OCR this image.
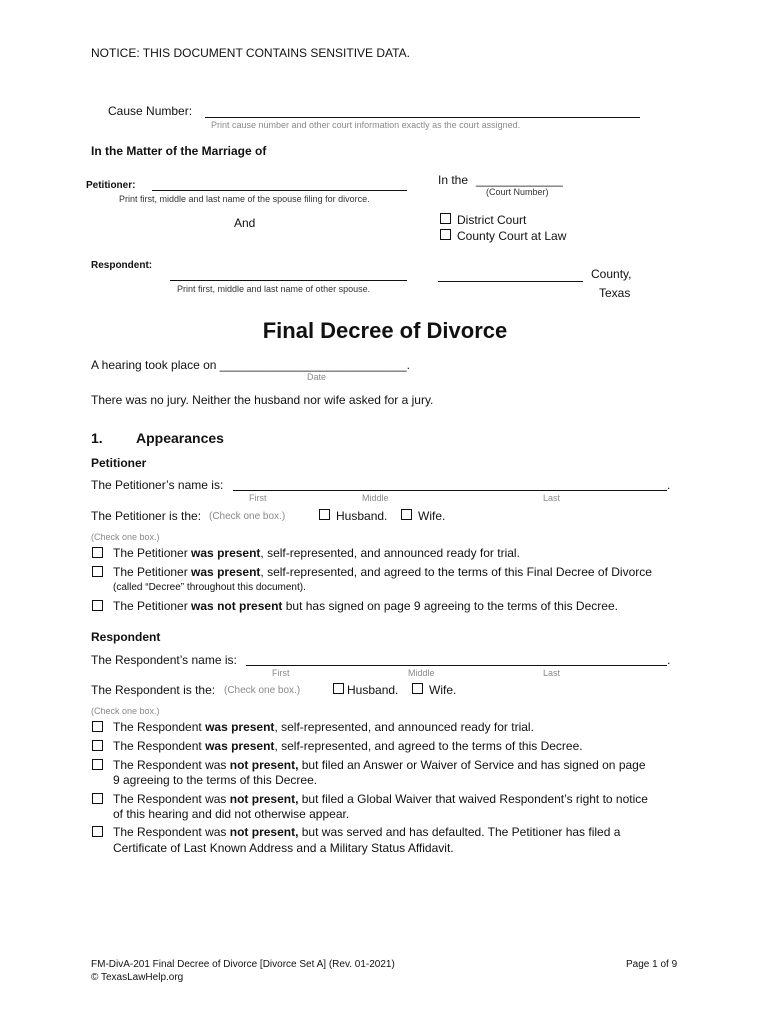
NOTICE: THIS DOCUMENT CONTAINS SENSITIVE DATA.
Cause Number:
Print cause number and other court information exactly as the court assigned.
In the Matter of the Marriage of
Petitioner:
Print first, middle and last name of the spouse filing for divorce.
And
Respondent:
Print first, middle and last name of other spouse.
In the _____________
(Court Number)
District Court
County Court at Law
County,
Texas
Final Decree of Divorce
A hearing took place on ____________________________.
Date
There was no jury. Neither the husband nor wife asked for a jury.
1. Appearances
Petitioner
The Petitioner’s name is:	.
First	Middle	Last
The Petitioner is the: (Check one box.)	Husband.	Wife.
(Check one box.)
The Petitioner was present, self-represented, and announced ready for trial.
The Petitioner was present, self-represented, and agreed to the terms of this Final Decree of Divorce
(called “Decree” throughout this document).
The Petitioner was not present but has signed on page 9 agreeing to the terms of this Decree.
Respondent
The Respondent’s name is:	.
First	Middle	Last
The Respondent is the: (Check one box.)	Husband.	Wife.
(Check one box.)
The Respondent was present, self-represented, and announced ready for trial.
The Respondent was present, self-represented, and agreed to the terms of this Decree.
The Respondent was not present, but filed an Answer or Waiver of Service and has signed on page
9 agreeing to the terms of this Decree.
The Respondent was not present, but filed a Global Waiver that waived Respondent’s right to notice
of this hearing and did not otherwise appear.
The Respondent was not present, but was served and has defaulted. The Petitioner has filed a
Certificate of Last Known Address and a Military Status Affidavit.
FM-DivA-201 Final Decree of Divorce [Divorce Set A] (Rev. 01-2021)
© TexasLawHelp.org
Page 1 of 9
